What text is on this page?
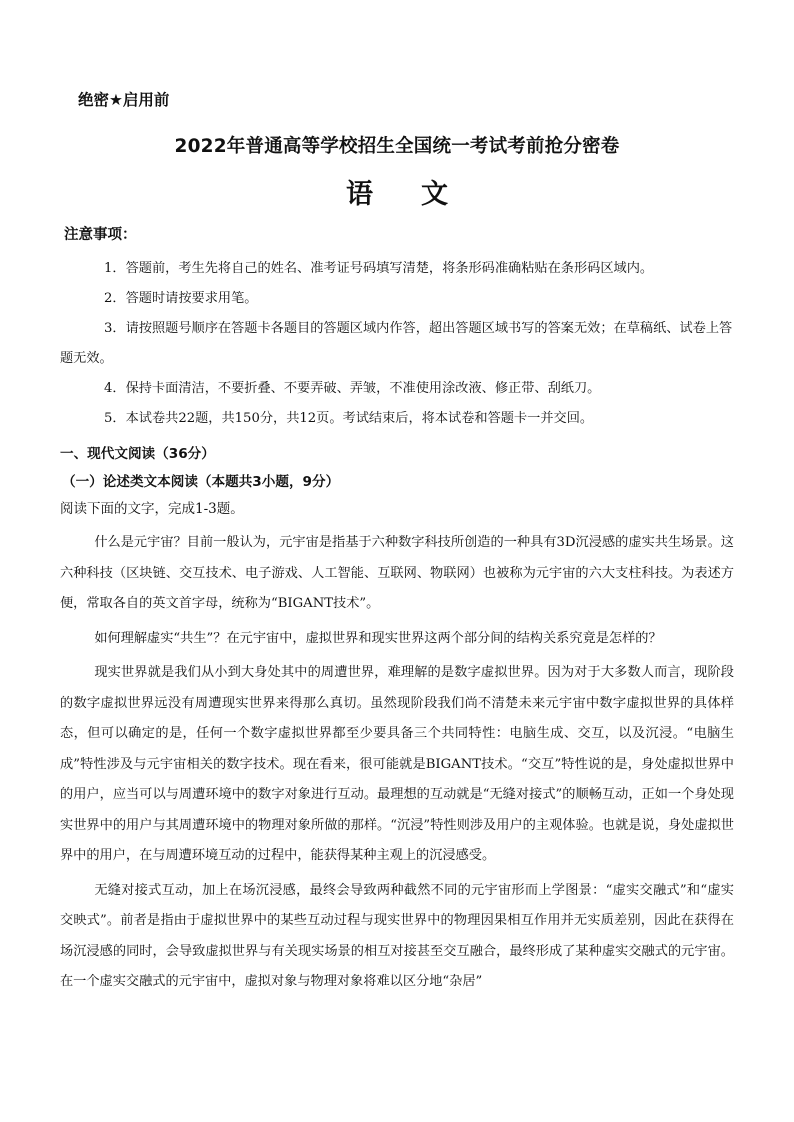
绝密★启用前
2022年普通高等学校招生全国统一考试考前抢分密卷
语文
注意事项：
1．答题前，考生先将自己的姓名、准考证号码填写清楚，将条形码准确粘贴在条形码区域内。
2．答题时请按要求用笔。
3．请按照题号顺序在答题卡各题目的答题区域内作答，超出答题区域书写的答案无效；在草稿纸、试卷上答题无效。
4．保持卡面清洁，不要折叠、不要弄破、弄皱，不准使用涂改液、修正带、刮纸刀。
5．本试卷共22题，共150分，共12页。考试结束后，将本试卷和答题卡一并交回。
一、现代文阅读（36分）
（一）论述类文本阅读（本题共3小题，9分）
阅读下面的文字，完成1-3题。

什么是元宇宙？目前一般认为，元宇宙是指基于六种数字科技所创造的一种具有3D沉浸感的虚实共生场景。这六种科技（区块链、交互技术、电子游戏、人工智能、互联网、物联网）也被称为元宇宙的六大支柱科技。为表述方便，常取各自的英文首字母，统称为“BIGANT技术”。

如何理解虚实“共生”？在元宇宙中，虚拟世界和现实世界这两个部分间的结构关系究竟是怎样的？

现实世界就是我们从小到大身处其中的周遭世界，难理解的是数字虚拟世界。因为对于大多数人而言，现阶段的数字虚拟世界远没有周遭现实世界来得那么真切。虽然现阶段我们尚不清楚未来元宇宙中数字虚拟世界的具体样态，但可以确定的是，任何一个数字虚拟世界都至少要具备三个共同特性：电脑生成、交互，以及沉浸。“电脑生成”特性涉及与元宇宙相关的数字技术。现在看来，很可能就是BIGANT技术。“交互”特性说的是，身处虚拟世界中的用户，应当可以与周遭环境中的数字对象进行互动。最理想的互动就是“无缝对接式”的顺畅互动，正如一个身处现实世界中的用户与其周遭环境中的物理对象所做的那样。“沉浸”特性则涉及用户的主观体验。也就是说，身处虚拟世界中的用户，在与周遭环境互动的过程中，能获得某种主观上的沉浸感受。

无缝对接式互动，加上在场沉浸感，最终会导致两种截然不同的元宇宙形而上学图景：“虚实交融式”和“虚实交映式”。前者是指由于虚拟世界中的某些互动过程与现实世界中的物理因果相互作用并无实质差别，因此在获得在场沉浸感的同时，会导致虚拟世界与有关现实场景的相互对接甚至交互融合，最终形成了某种虚实交融式的元宇宙。在一个虚实交融式的元宇宙中，虚拟对象与物理对象将难以区分地“杂居”
